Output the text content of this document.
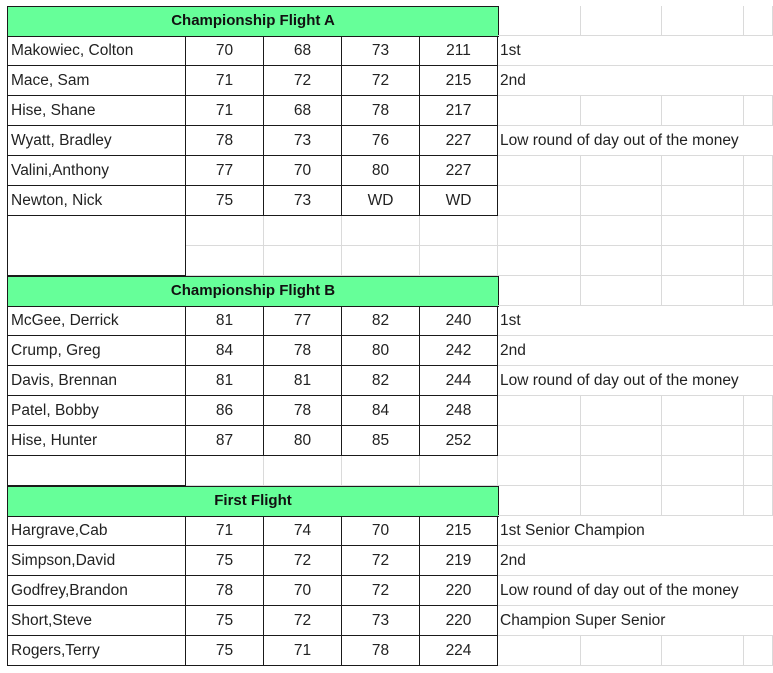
Championship Flight A
Makowiec, Colton	70	68	73	211	1st
Mace, Sam	71	72	72	215	2nd
Hise, Shane	71	68	78	217
Wyatt, Bradley	78	73	76	227	Low round of day out of the money
Valini,Anthony	77	70	80	227
Newton, Nick	75	73	WD	WD
Championship Flight B
McGee, Derrick	81	77	82	240	1st
Crump, Greg	84	78	80	242	2nd
Davis, Brennan	81	81	82	244	Low round of day out of the money
Patel, Bobby	86	78	84	248
Hise, Hunter	87	80	85	252
First Flight
Hargrave,Cab	71	74	70	215	1st Senior Champion
Simpson,David	75	72	72	219	2nd
Godfrey,Brandon	78	70	72	220	Low round of day out of the money
Short,Steve	75	72	73	220	Champion Super Senior
Rogers,Terry	75	71	78	224
